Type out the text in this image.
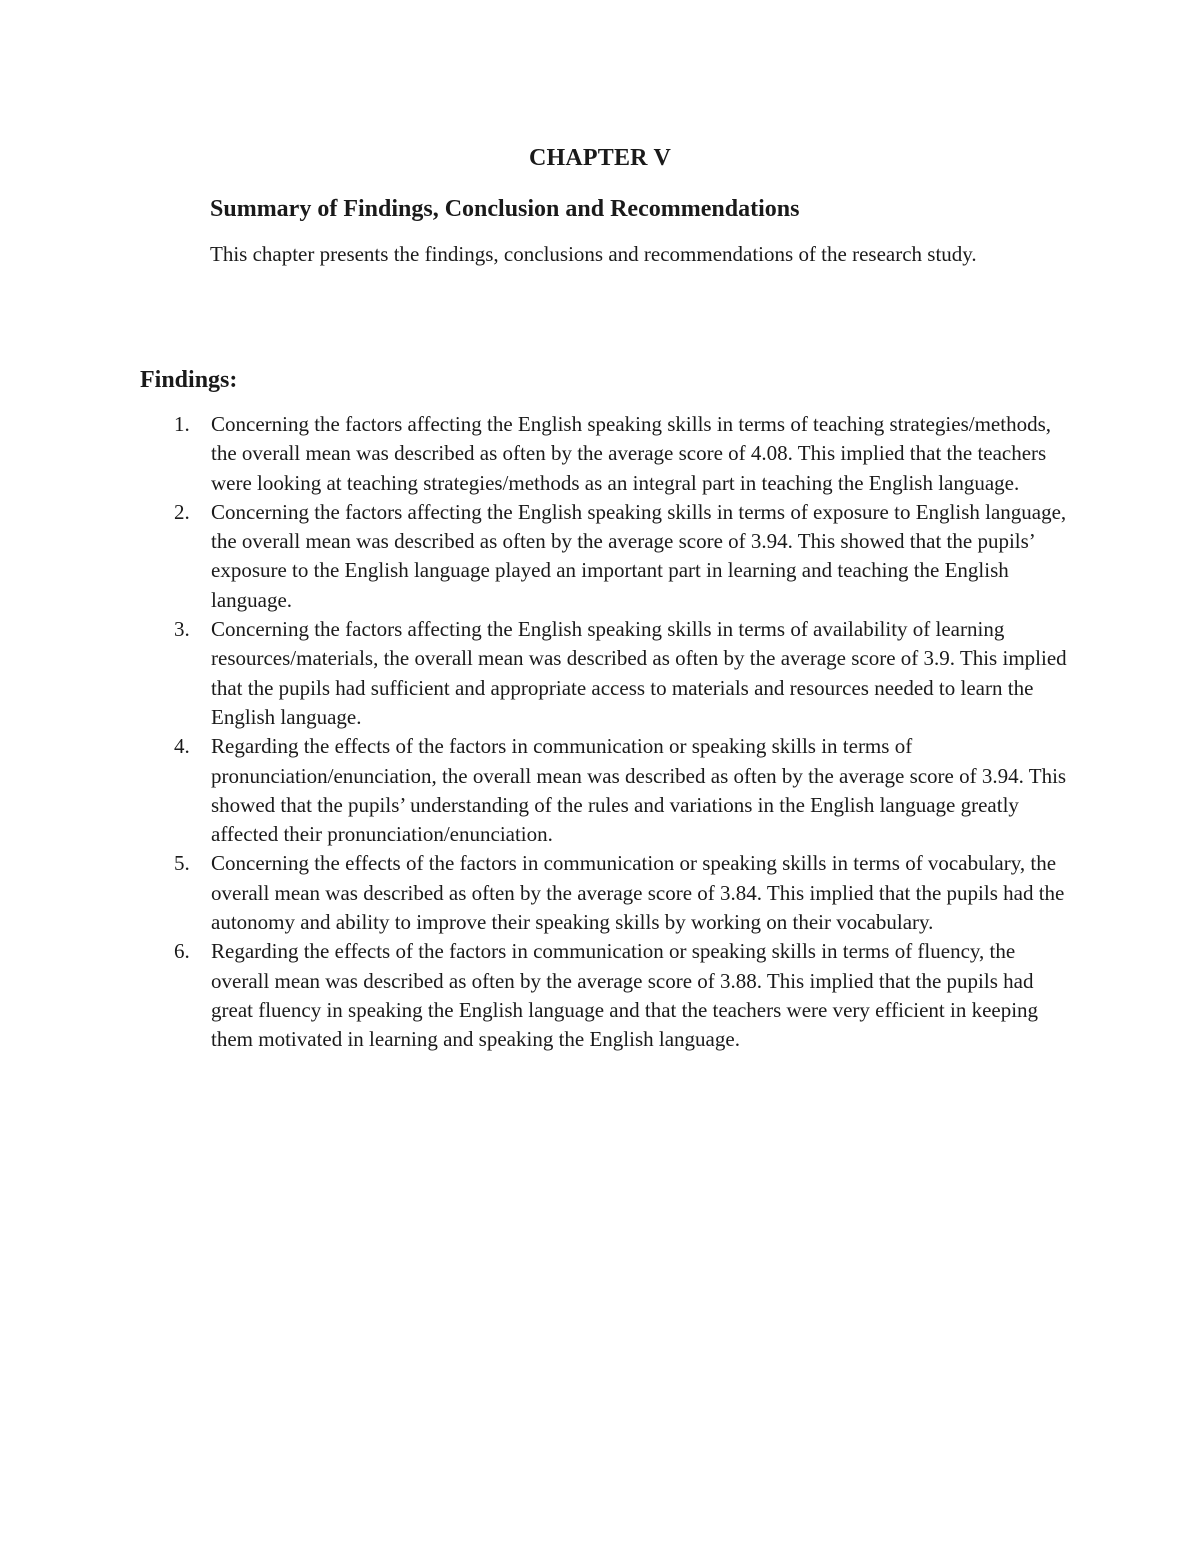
CHAPTER V
Summary of Findings, Conclusion and Recommendations

This chapter presents the findings, conclusions and recommendations of the research study.

Findings:
1. Concerning the factors affecting the English speaking skills in terms of teaching strategies/methods, the overall mean was described as often by the average score of 4.08. This implied that the teachers were looking at teaching strategies/methods as an integral part in teaching the English language.
2. Concerning the factors affecting the English speaking skills in terms of exposure to English language, the overall mean was described as often by the average score of 3.94. This showed that the pupils’ exposure to the English language played an important part in learning and teaching the English language.
3. Concerning the factors affecting the English speaking skills in terms of availability of learning resources/materials, the overall mean was described as often by the average score of 3.9. This implied that the pupils had sufficient and appropriate access to materials and resources needed to learn the English language.
4. Regarding the effects of the factors in communication or speaking skills in terms of pronunciation/enunciation, the overall mean was described as often by the average score of 3.94. This showed that the pupils’ understanding of the rules and variations in the English language greatly affected their pronunciation/enunciation.
5. Concerning the effects of the factors in communication or speaking skills in terms of vocabulary, the overall mean was described as often by the average score of 3.84. This implied that the pupils had the autonomy and ability to improve their speaking skills by working on their vocabulary.
6. Regarding the effects of the factors in communication or speaking skills in terms of fluency, the overall mean was described as often by the average score of 3.88. This implied that the pupils had great fluency in speaking the English language and that the teachers were very efficient in keeping them motivated in learning and speaking the English language.
